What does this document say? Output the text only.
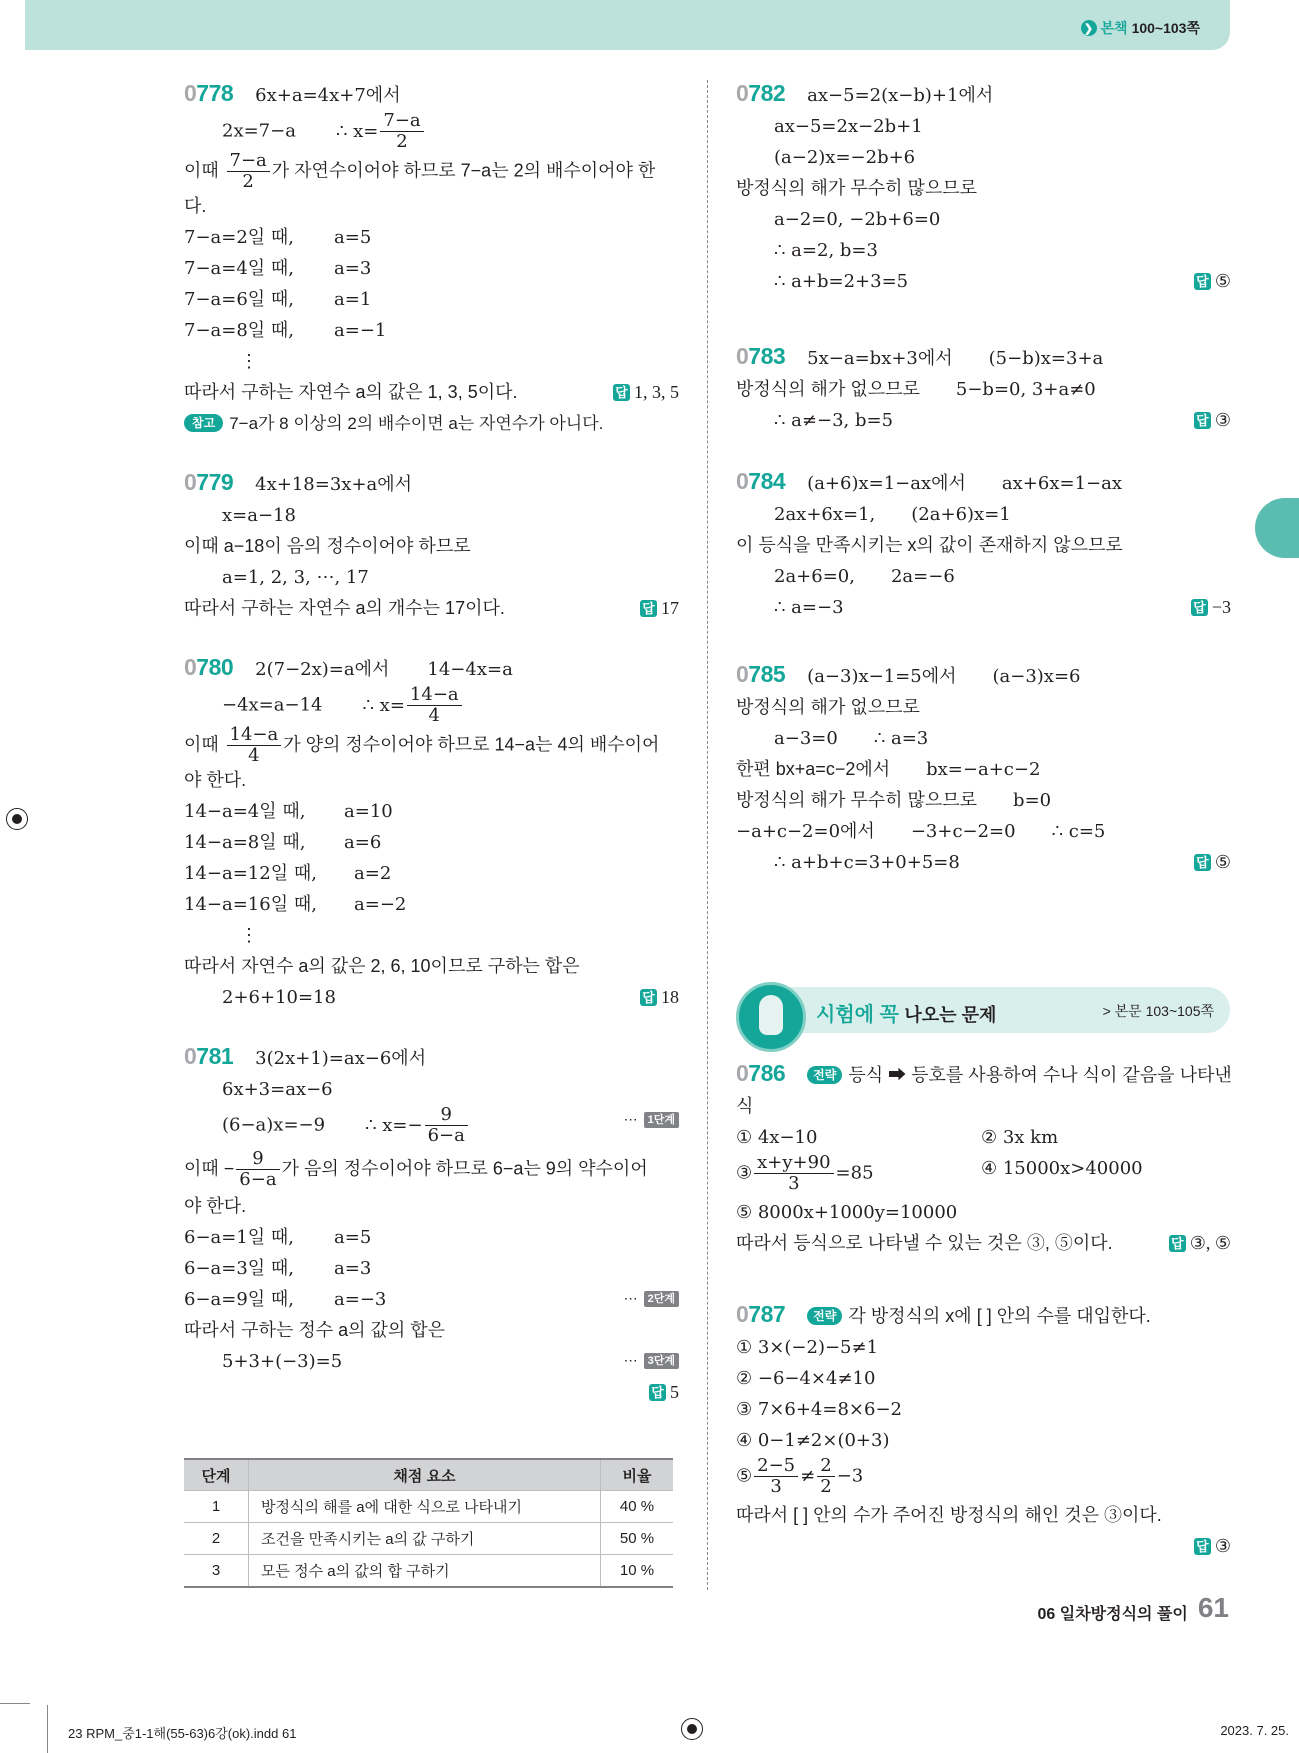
❯ 본책 100~103쪽
0778 6x+a=4x+7에서
2x=7−a ∴ $x= \frac{7-a}{2}$
이때 $\frac{7-a}{2}$ 가 자연수이어야 하므로 7−a는 2의 배수이어야 한
다.
7−a=2일 때, a=5
7−a=4일 때, a=3
7−a=6일 때, a=1
7−a=8일 때, a=−1
⋮
따라서 구하는 자연수 a의 값은 1, 3, 5이다.	답 1, 3, 5
참고 7−a가 8 이상의 2의 배수이면 a는 자연수가 아니다.
0779 4x+18=3x+a에서
x=a−18
이때 a−18이 음의 정수이어야 하므로
a=1, 2, 3, ⋯, 17
따라서 구하는 자연수 a의 개수는 17이다.	답 17
0780 2(7−2x)=a에서 14−4x=a
−4x=a−14 ∴ $x= \frac{14-a}{4}$
이때 $\frac{14-a}{4}$ 가 양의 정수이어야 하므로 14−a는 4의 배수이어
야 한다.
14−a=4일 때, a=10
14−a=8일 때, a=6
14−a=12일 때, a=2
14−a=16일 때, a=−2
⋮
따라서 자연수 a의 값은 2, 6, 10이므로 구하는 합은
2+6+10=18	답 18
0781 3(2x+1)=ax−6에서
6x+3=ax−6
(6−a)x=−9 ∴ $x=- \frac{9}{6-a}$	⋯ 1단계
이때 − $\frac{9}{6-a}$ 가 음의 정수이어야 하므로 6−a는 9의 약수이어
야 한다.
6−a=1일 때, a=5
6−a=3일 때, a=3
6−a=9일 때, a=−3	⋯ 2단계
따라서 구하는 정수 a의 값의 합은
5+3+(−3)=5	⋯ 3단계
답 5
단계	채점 요소	비율
1	방정식의 해를 a에 대한 식으로 나타내기	40 %
2	조건을 만족시키는 a의 값 구하기	50 %
3	모든 정수 a의 값의 합 구하기	10 %
0782 ax−5=2(x−b)+1에서
ax−5=2x−2b+1
(a−2)x=−2b+6
방정식의 해가 무수히 많으므로
a−2=0, −2b+6=0
∴ a=2, b=3
∴ a+b=2+3=5	답 ⑤
0783 5x−a=bx+3에서 (5−b)x=3+a
방정식의 해가 없으므로 5−b=0, 3+a≠0
∴ a≠−3, b=5	답 ③
0784 (a+6)x=1−ax에서 ax+6x=1−ax
2ax+6x=1, (2a+6)x=1
이 등식을 만족시키는 x의 값이 존재하지 않으므로
2a+6=0, 2a=−6
∴ a=−3	답 −3
0785 (a−3)x−1=5에서 (a−3)x=6
방정식의 해가 없으므로
a−3=0 ∴ a=3
한편 bx+a=c−2에서 bx=−a+c−2
방정식의 해가 무수히 많으므로 b=0
−a+c−2=0에서 −3+c−2=0 ∴ c=5
∴ a+b+c=3+0+5=8	답 ⑤
시험에 꼭 나오는 문제	> 본문 103~105쪽
0786 전략 등식 ➡ 등호를 사용하여 수나 식이 같음을 나타낸
식
① 4x−10	② 3x km
③ $\frac{x+y+90}{3} =85$	④ 15000x>40000
⑤ 8000x+1000y=10000
따라서 등식으로 나타낼 수 있는 것은 ③, ⑤이다.	답 ③, ⑤
0787 전략 각 방정식의 x에 [ ] 안의 수를 대입한다.
① 3×(−2)−5≠1
② −6−4×4≠10
③ 7×6+4=8×6−2
④ 0−1≠2×(0+3)
⑤ $\frac{2-5}{3} \ne \frac{2}{2} -3$
따라서 [ ] 안의 수가 주어진 방정식의 해인 것은 ③이다.
답 ③
06 일차방정식의 풀이 61
23 RPM_중1-1해(55-63)6강(ok).indd 61	2023. 7. 25.
